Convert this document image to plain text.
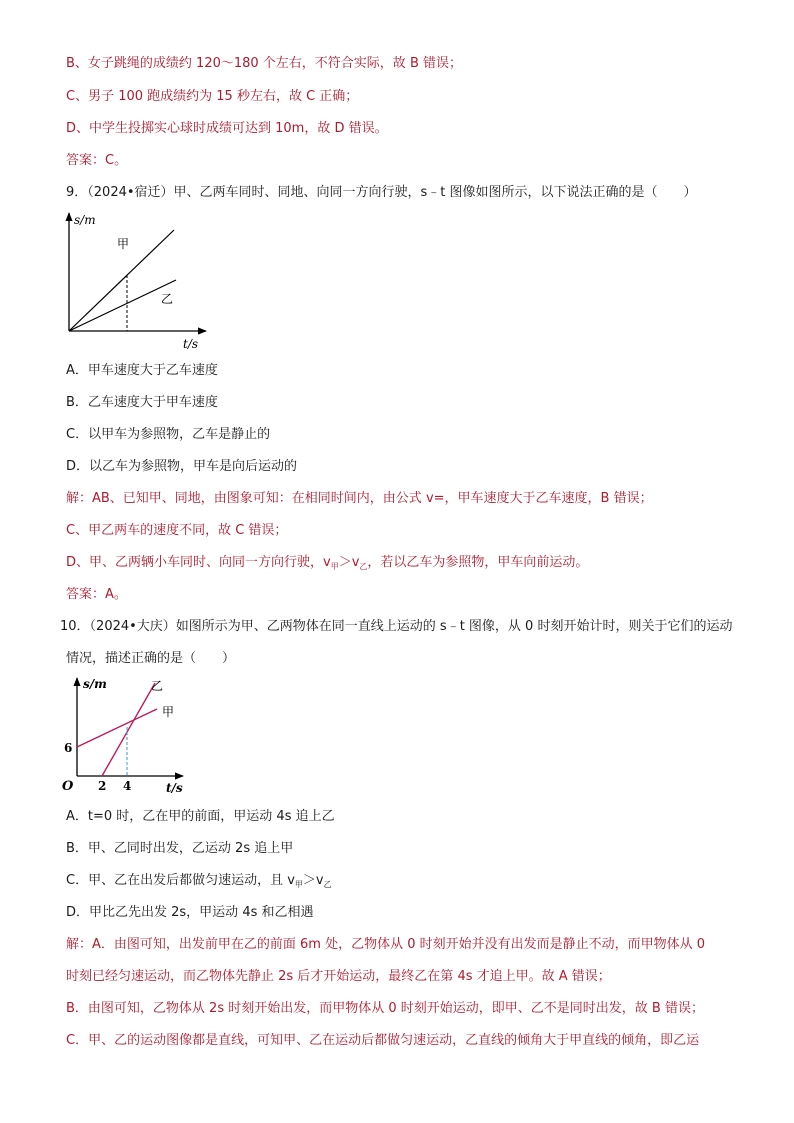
B、女子跳绳的成绩约 120～180 个左右，不符合实际，故 B 错误；
C、男子 100 跑成绩约为 15 秒左右，故 C 正确；
D、中学生投掷实心球时成绩可达到 10m，故 D 错误。
答案：C。
9．（2024•宿迁）甲、乙两车同时、同地、向同一方向行驶，s﹣t 图像如图所示，以下说法正确的是（　　）
s/m
t/s
甲
乙
A．甲车速度大于乙车速度
B．乙车速度大于甲车速度
C．以甲车为参照物，乙车是静止的
D．以乙车为参照物，甲车是向后运动的
解：AB、已知甲、同地，由图象可知：在相同时间内，由公式 v=，甲车速度大于乙车速度，B 错误；
C、甲乙两车的速度不同，故 C 错误；
D、甲、乙两辆小车同时、向同一方向行驶，$v_甲>v_乙$，若以乙车为参照物，甲车向前运动。
答案：A。
10．（2024•大庆）如图所示为甲、乙两物体在同一直线上运动的 s﹣t 图像，从 0 时刻开始计时，则关于它们的运动
情况，描述正确的是（　　）
s/m
t/s
O
6
2 4
乙
甲
A．t=0 时，乙在甲的前面，甲运动 4s 追上乙
B．甲、乙同时出发，乙运动 2s 追上甲
C．甲、乙在出发后都做匀速运动，且 $v_甲>v_乙$
D．甲比乙先出发 2s，甲运动 4s 和乙相遇
解：A．由图可知，出发前甲在乙的前面 6m 处，乙物体从 0 时刻开始并没有出发而是静止不动，而甲物体从 0
时刻已经匀速运动，而乙物体先静止 2s 后才开始运动，最终乙在第 4s 才追上甲。故 A 错误；
B．由图可知，乙物体从 2s 时刻开始出发，而甲物体从 0 时刻开始运动，即甲、乙不是同时出发，故 B 错误；
C．甲、乙的运动图像都是直线，可知甲、乙在运动后都做匀速运动，乙直线的倾角大于甲直线的倾角，即乙运
